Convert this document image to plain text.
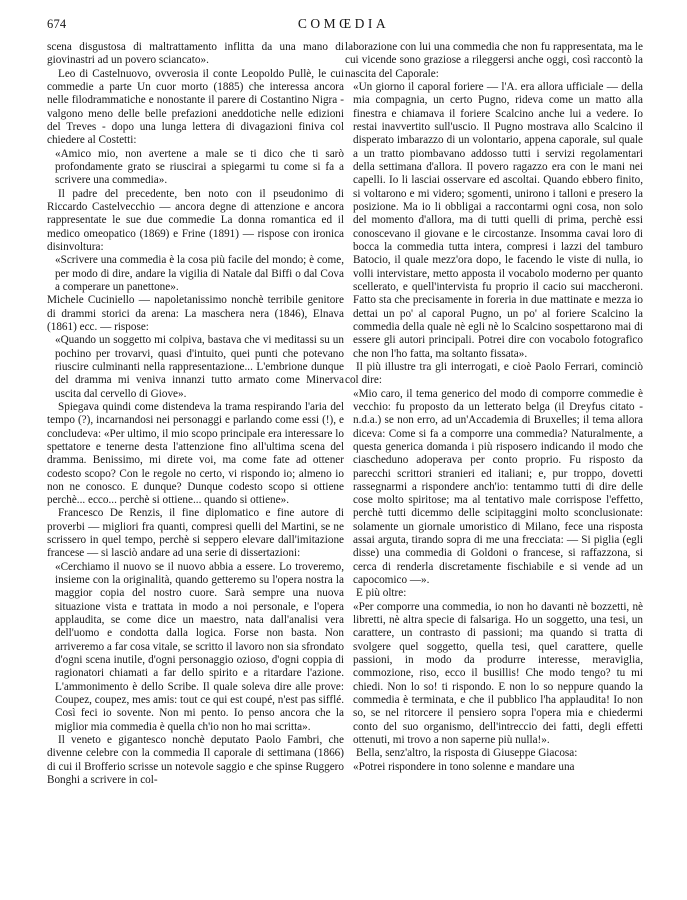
674	COMŒDIA

scena disgustosa di maltrattamento inflitta da una mano di giovinastri ad un povero sciancato».

Leo di Castelnuovo, ovverosia il conte Leopoldo Pullè, le cui commedie a parte Un cuor morto (1885) che interessa ancora nelle filodrammatiche e nonostante il parere di Costantino Nigra - valgono meno delle belle prefazioni aneddotiche nelle edizioni del Treves - dopo una lunga lettera di divagazioni finiva col chiedere al Costetti:

«Amico mio, non avertene a male se ti dico che ti sarò profondamente grato se riuscirai a spiegarmi tu come si fa a scrivere una commedia».

Il padre del precedente, ben noto con il pseudonimo di Riccardo Castelvecchio — ancora degne di attenzione e ancora rappresentate le sue due commedie La donna romantica ed il medico omeopatico (1869) e Frine (1891) — rispose con ironica disinvoltura:

«Scrivere una commedia è la cosa più facile del mondo; è come, per modo di dire, andare la vigilia di Natale dal Biffi o dal Cova a comperare un panettone».

Michele Cuciniello — napoletanissimo nonchè terribile genitore di drammi storici da arena: La maschera nera (1846), Elnava (1861) ecc. — rispose:

«Quando un soggetto mi colpiva, bastava che vi meditassi su un pochino per trovarvi, quasi d'intuito, quei punti che potevano riuscire culminanti nella rappresentazione... L'embrione dunque del dramma mi veniva innanzi tutto armato come Minerva uscita dal cervello di Giove».

Spiegava quindi come distendeva la trama respirando l'aria del tempo (?), incarnandosi nei personaggi e parlando come essi (!), e concludeva: «Per ultimo, il mio scopo principale era interessare lo spettatore e tenerne desta l'attenzione fino all'ultima scena del dramma. Benissimo, mi direte voi, ma come fate ad ottener codesto scopo? Con le regole no certo, vi rispondo io; almeno io non ne conosco. E dunque? Dunque codesto scopo si ottiene perchè... ecco... perchè si ottiene... quando si ottiene».

Francesco De Renzis, il fine diplomatico e fine autore di proverbi — migliori fra quanti, compresi quelli del Martini, se ne scrissero in quel tempo, perchè si seppero elevare dall'imitazione francese — si lasciò andare ad una serie di dissertazioni:

«Cerchiamo il nuovo se il nuovo abbia a essere. Lo troveremo, insieme con la originalità, quando getteremo su l'opera nostra la maggior copia del nostro cuore. Sarà sempre una nuova situazione vista e trattata in modo a noi personale, e l'opera applaudita, se come dice un maestro, nata dall'analisi vera dell'uomo e condotta dalla logica. Forse non basta. Non arriveremo a far cosa vitale, se scritto il lavoro non sia sfrondato d'ogni scena inutile, d'ogni personaggio ozioso, d'ogni coppia di ragionatori chiamati a far dello spirito e a ritardare l'azione. L'ammonimento è dello Scribe. Il quale soleva dire alle prove: Coupez, coupez, mes amis: tout ce qui est coupé, n'est pas sifflé. Così feci io sovente. Non mi pento. Io penso ancora che la miglior mia commedia è quella ch'io non ho mai scritta».

Il veneto e gigantesco nonchè deputato Paolo Fambri, che divenne celebre con la commedia Il caporale di settimana (1866) di cui il Brofferio scrisse un notevole saggio e che spinse Ruggero Bonghi a scrivere in col-

laborazione con lui una commedia che non fu rappresentata, ma le cui vicende sono graziose a rileggersi anche oggi, così raccontò la nascita del Caporale:

«Un giorno il caporal foriere — l'A. era allora ufficiale — della mia compagnia, un certo Pugno, rideva come un matto alla finestra e chiamava il foriere Scalcino anche lui a vedere. Io restai inavvertito sull'uscio. Il Pugno mostrava allo Scalcino il disperato imbarazzo di un volontario, appena caporale, sul quale a un tratto piombavano addosso tutti i servizi regolamentari della settimana d'allora. Il povero ragazzo era con le mani nei capelli. Io li lasciai osservare ed ascoltai. Quando ebbero finito, si voltarono e mi videro; sgomenti, unirono i talloni e presero la posizione. Ma io li obbligai a raccontarmi ogni cosa, non solo del momento d'allora, ma di tutti quelli di prima, perchè essi conoscevano il giovane e le circostanze. Insomma cavai loro di bocca la commedia tutta intera, compresi i lazzi del tamburo Batocio, il quale mezz'ora dopo, le facendo le viste di nulla, io volli intervistare, metto apposta il vocabolo moderno per quanto scellerato, e quell'intervista fu proprio il cacio sui maccheroni. Fatto sta che precisamente in foreria in due mattinate e mezza io dettai un po' al caporal Pugno, un po' al foriere Scalcino la commedia della quale nè egli nè lo Scalcino sospettarono mai di essere gli autori principali. Potrei dire con vocabolo fotografico che non l'ho fatta, ma soltanto fissata».

Il più illustre tra gli interrogati, e cioè Paolo Ferrari, cominciò col dire:

«Mio caro, il tema generico del modo di comporre commedie è vecchio: fu proposto da un letterato belga (il Dreyfus citato - n.d.a.) se non erro, ad un'Accademia di Bruxelles; il tema allora diceva: Come si fa a comporre una commedia? Naturalmente, a questa generica domanda i più risposero indicando il modo che ciascheduno adoperava per conto proprio. Fu risposto da parecchi scrittori stranieri ed italiani; e, pur troppo, dovetti rassegnarmi a rispondere anch'io: tentammo tutti di dire delle cose molto spiritose; ma al tentativo male corrispose l'effetto, perchè tutti dicemmo delle scipitaggini molto sconclusionate: solamente un giornale umoristico di Milano, fece una risposta assai arguta, tirando sopra di me una frecciata: — Si piglia (egli disse) una commedia di Goldoni o francese, si raffazzona, si cerca di renderla discretamente fischiabile e si vende ad un capocomico —».

E più oltre:

«Per comporre una commedia, io non ho davanti nè bozzetti, nè libretti, nè altra specie di falsariga. Ho un soggetto, una tesi, un carattere, un contrasto di passioni; ma quando si tratta di svolgere quel soggetto, quella tesi, quel carattere, quelle passioni, in modo da produrre interesse, meraviglia, commozione, riso, ecco il busillis! Che modo tengo? tu mi chiedi. Non lo so! ti rispondo. E non lo so neppure quando la commedia è terminata, e che il pubblico l'ha applaudita! Io non so, se nel ritorcere il pensiero sopra l'opera mia e chiedermi conto del suo organismo, dell'intreccio dei fatti, degli effetti ottenuti, mi trovo a non saperne più nulla!».

Bella, senz'altro, la risposta di Giuseppe Giacosa:

«Potrei rispondere in tono solenne e mandare una
